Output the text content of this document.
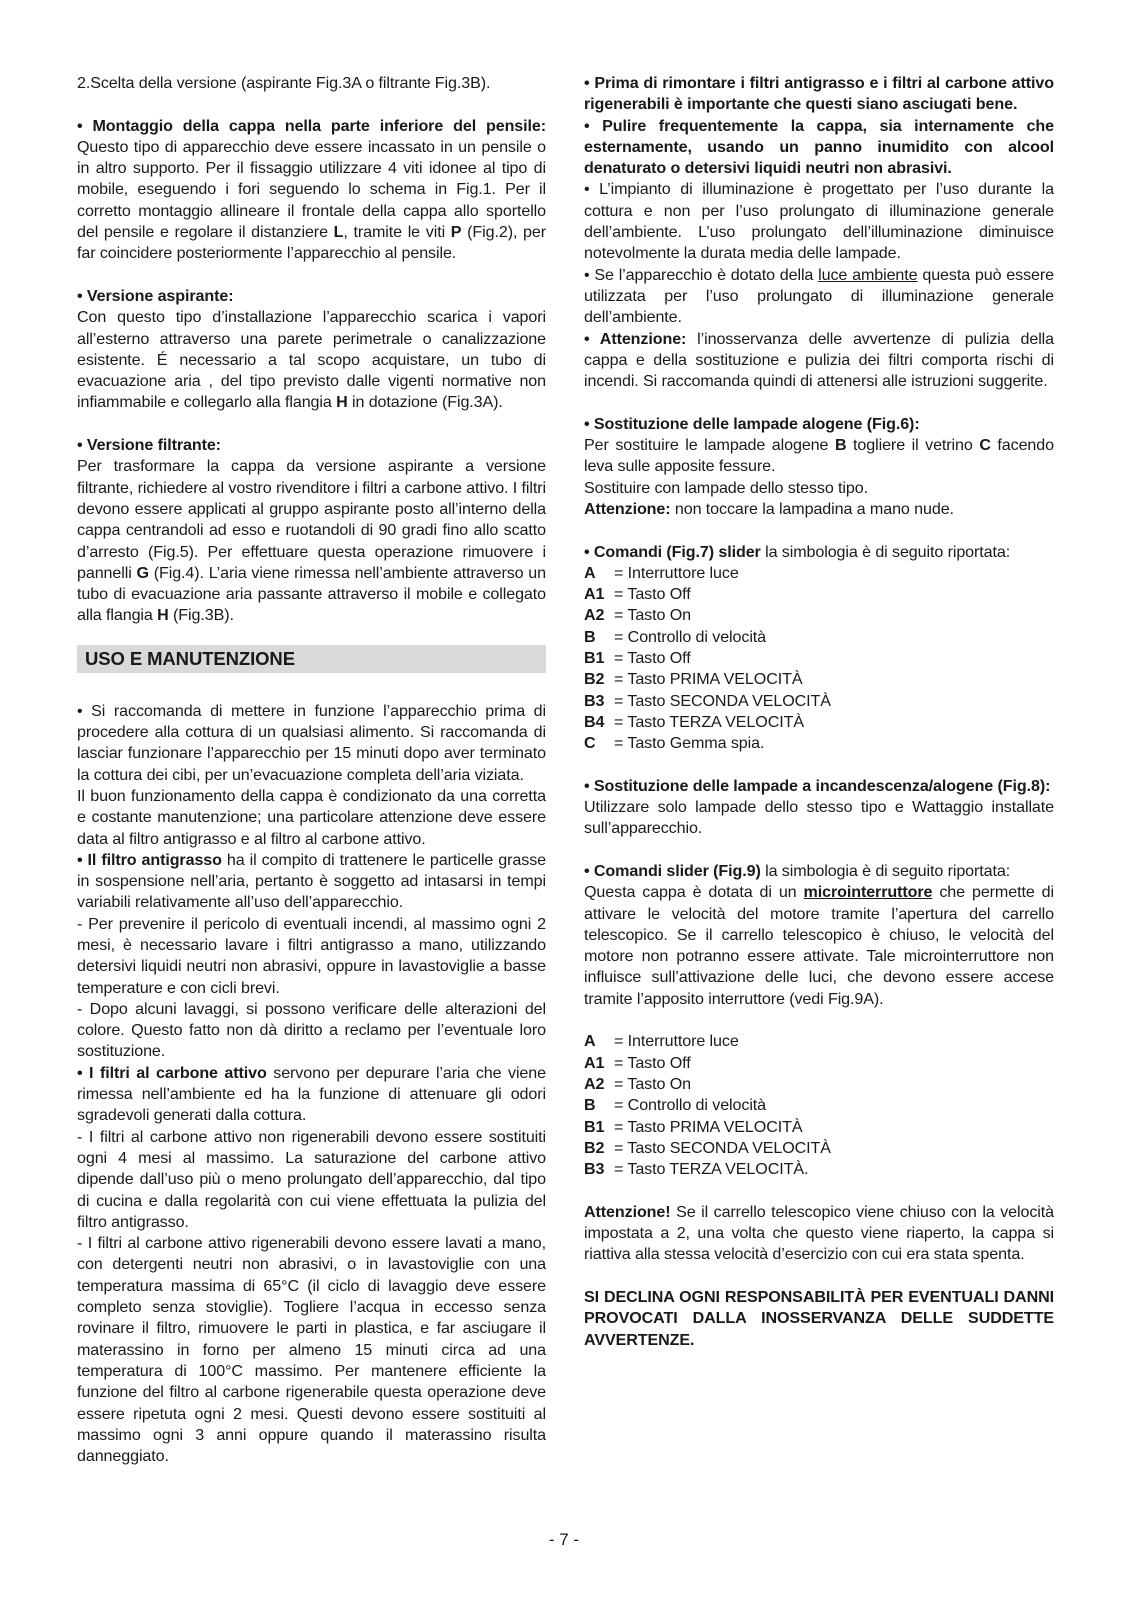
2.Scelta della versione (aspirante Fig.3A o filtrante Fig.3B).

• Montaggio della cappa nella parte inferiore del pensile: Questo tipo di apparecchio deve essere incassato in un pensile o in altro supporto. Per il fissaggio utilizzare 4 viti idonee al tipo di mobile, eseguendo i fori seguendo lo schema in Fig.1. Per il corretto montaggio allineare il frontale della cappa allo sportello del pensile e regolare il distanziere L, tramite le viti P (Fig.2), per far coincidere posteriormente l’apparecchio al pensile.

• Versione aspirante:

Con questo tipo d’installazione l’apparecchio scarica i vapori all’esterno attraverso una parete perimetrale o canalizzazione esistente. É necessario a tal scopo acquistare, un tubo di evacuazione aria , del tipo previsto dalle vigenti normative non infiammabile e collegarlo alla flangia H in dotazione (Fig.3A).

• Versione filtrante:

Per trasformare la cappa da versione aspirante a versione filtrante, richiedere al vostro rivenditore i filtri a carbone attivo. I filtri devono essere applicati al gruppo aspirante posto all’interno della cappa centrandoli ad esso e ruotandoli di 90 gradi fino allo scatto d’arresto (Fig.5). Per effettuare questa operazione rimuovere i pannelli G (Fig.4). L’aria viene rimessa nell’ambiente attraverso un tubo di evacuazione aria passante attraverso il mobile e collegato alla flangia H (Fig.3B).

USO E MANUTENZIONE

• Si raccomanda di mettere in funzione l’apparecchio prima di procedere alla cottura di un qualsiasi alimento. Si raccomanda di lasciar funzionare l’apparecchio per 15 minuti dopo aver terminato la cottura dei cibi, per un’evacuazione completa dell’aria viziata.

Il buon funzionamento della cappa è condizionato da una corretta e costante manutenzione; una particolare attenzione deve essere data al filtro antigrasso e al filtro al carbone attivo.

• Il filtro antigrasso ha il compito di trattenere le particelle grasse in sospensione nell’aria, pertanto è soggetto ad intasarsi in tempi variabili relativamente all’uso dell’apparecchio.

- Per prevenire il pericolo di eventuali incendi, al massimo ogni 2 mesi, è necessario lavare i filtri antigrasso a mano, utilizzando detersivi liquidi neutri non abrasivi, oppure in lavastoviglie a basse temperature e con cicli brevi.

- Dopo alcuni lavaggi, si possono verificare delle alterazioni del colore. Questo fatto non dà diritto a reclamo per l’eventuale loro sostituzione.

• I filtri al carbone attivo servono per depurare l’aria che viene rimessa nell’ambiente ed ha la funzione di attenuare gli odori sgradevoli generati dalla cottura.

- I filtri al carbone attivo non rigenerabili devono essere sostituiti ogni 4 mesi al massimo. La saturazione del carbone attivo dipende dall’uso più o meno prolungato dell’apparecchio, dal tipo di cucina e dalla regolarità con cui viene effettuata la pulizia del filtro antigrasso.

- I filtri al carbone attivo rigenerabili devono essere lavati a mano, con detergenti neutri non abrasivi, o in lavastoviglie con una temperatura massima di 65°C (il ciclo di lavaggio deve essere completo senza stoviglie). Togliere l’acqua in eccesso senza rovinare il filtro, rimuovere le parti in plastica, e far asciugare il materassino in forno per almeno 15 minuti circa ad una temperatura di 100°C massimo. Per mantenere efficiente la funzione del filtro al carbone rigenerabile questa operazione deve essere ripetuta ogni 2 mesi. Questi devono essere sostituiti al massimo ogni 3 anni oppure quando il materassino risulta danneggiato.

• Prima di rimontare i filtri antigrasso e i filtri al carbone attivo rigenerabili è importante che questi siano asciugati bene.

• Pulire frequentemente la cappa, sia internamente che esternamente, usando un panno inumidito con alcool denaturato o detersivi liquidi neutri non abrasivi.

• L’impianto di illuminazione è progettato per l’uso durante la cottura e non per l’uso prolungato di illuminazione generale dell’ambiente. L’uso prolungato dell’illuminazione diminuisce notevolmente la durata media delle lampade.

• Se l’apparecchio è dotato della luce ambiente questa può essere utilizzata per l’uso prolungato di illuminazione generale dell’ambiente.

• Attenzione: l’inosservanza delle avvertenze di pulizia della cappa e della sostituzione e pulizia dei filtri comporta rischi di incendi. Si raccomanda quindi di attenersi alle istruzioni suggerite.

• Sostituzione delle lampade alogene (Fig.6):

Per sostituire le lampade alogene B togliere il vetrino C facendo leva sulle apposite fessure.

Sostituire con lampade dello stesso tipo.

Attenzione: non toccare la lampadina a mano nude.

• Comandi (Fig.7) slider la simbologia è di seguito riportata:

A	= Interruttore luce
A1 = Tasto Off
A2 = Tasto On
B	= Controllo di velocità
B1 = Tasto Off
B2 = Tasto PRIMA VELOCITÀ
B3 = Tasto SECONDA VELOCITÀ
B4 = Tasto TERZA VELOCITÀ
C	= Tasto Gemma spia.

• Sostituzione delle lampade a incandescenza/alogene (Fig.8):

Utilizzare solo lampade dello stesso tipo e Wattaggio installate sull’apparecchio.

• Comandi slider (Fig.9) la simbologia è di seguito riportata:

Questa cappa è dotata di un microinterruttore che permette di attivare le velocità del motore tramite l’apertura del carrello telescopico. Se il carrello telescopico è chiuso, le velocità del motore non potranno essere attivate. Tale microinterruttore non influisce sull’attivazione delle luci, che devono essere accese tramite l’apposito interruttore (vedi Fig.9A).

A	= Interruttore luce
A1 = Tasto Off
A2 = Tasto On
B	= Controllo di velocità
B1 = Tasto PRIMA VELOCITÀ
B2 = Tasto SECONDA VELOCITÀ
B3 = Tasto TERZA VELOCITÀ.

Attenzione! Se il carrello telescopico viene chiuso con la velocità impostata a 2, una volta che questo viene riaperto, la cappa si riattiva alla stessa velocità d’esercizio con cui era stata spenta.

SI DECLINA OGNI RESPONSABILITÀ PER EVENTUALI DANNI PROVOCATI DALLA INOSSERVANZA DELLE SUDDETTE AVVERTENZE.

- 7 -
